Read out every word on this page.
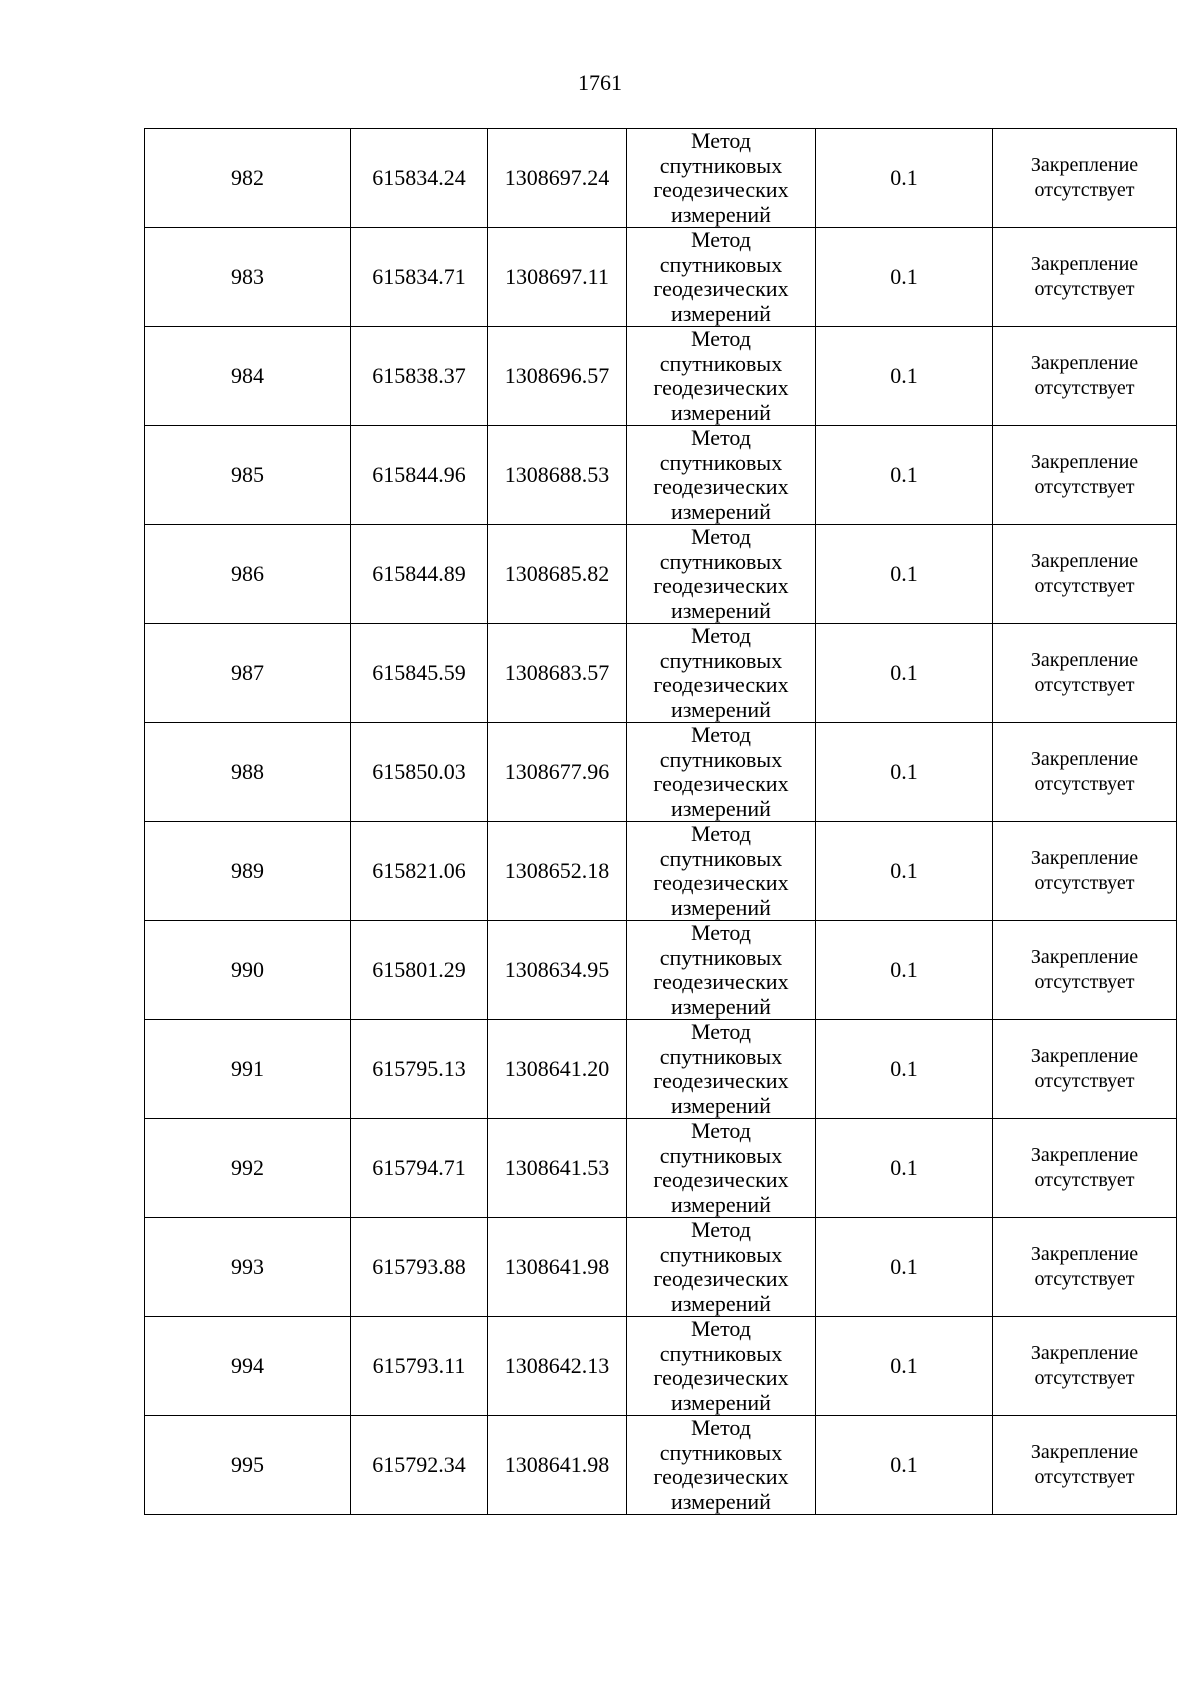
1761
982	615834.24	1308697.24	Метод
спутниковых
геодезических
измерений	0.1	Закрепление
отсутствует
983	615834.71	1308697.11	Метод
спутниковых
геодезических
измерений	0.1	Закрепление
отсутствует
984	615838.37	1308696.57	Метод
спутниковых
геодезических
измерений	0.1	Закрепление
отсутствует
985	615844.96	1308688.53	Метод
спутниковых
геодезических
измерений	0.1	Закрепление
отсутствует
986	615844.89	1308685.82	Метод
спутниковых
геодезических
измерений	0.1	Закрепление
отсутствует
987	615845.59	1308683.57	Метод
спутниковых
геодезических
измерений	0.1	Закрепление
отсутствует
988	615850.03	1308677.96	Метод
спутниковых
геодезических
измерений	0.1	Закрепление
отсутствует
989	615821.06	1308652.18	Метод
спутниковых
геодезических
измерений	0.1	Закрепление
отсутствует
990	615801.29	1308634.95	Метод
спутниковых
геодезических
измерений	0.1	Закрепление
отсутствует
991	615795.13	1308641.20	Метод
спутниковых
геодезических
измерений	0.1	Закрепление
отсутствует
992	615794.71	1308641.53	Метод
спутниковых
геодезических
измерений	0.1	Закрепление
отсутствует
993	615793.88	1308641.98	Метод
спутниковых
геодезических
измерений	0.1	Закрепление
отсутствует
994	615793.11	1308642.13	Метод
спутниковых
геодезических
измерений	0.1	Закрепление
отсутствует
995	615792.34	1308641.98	Метод
спутниковых
геодезических
измерений	0.1	Закрепление
отсутствует
